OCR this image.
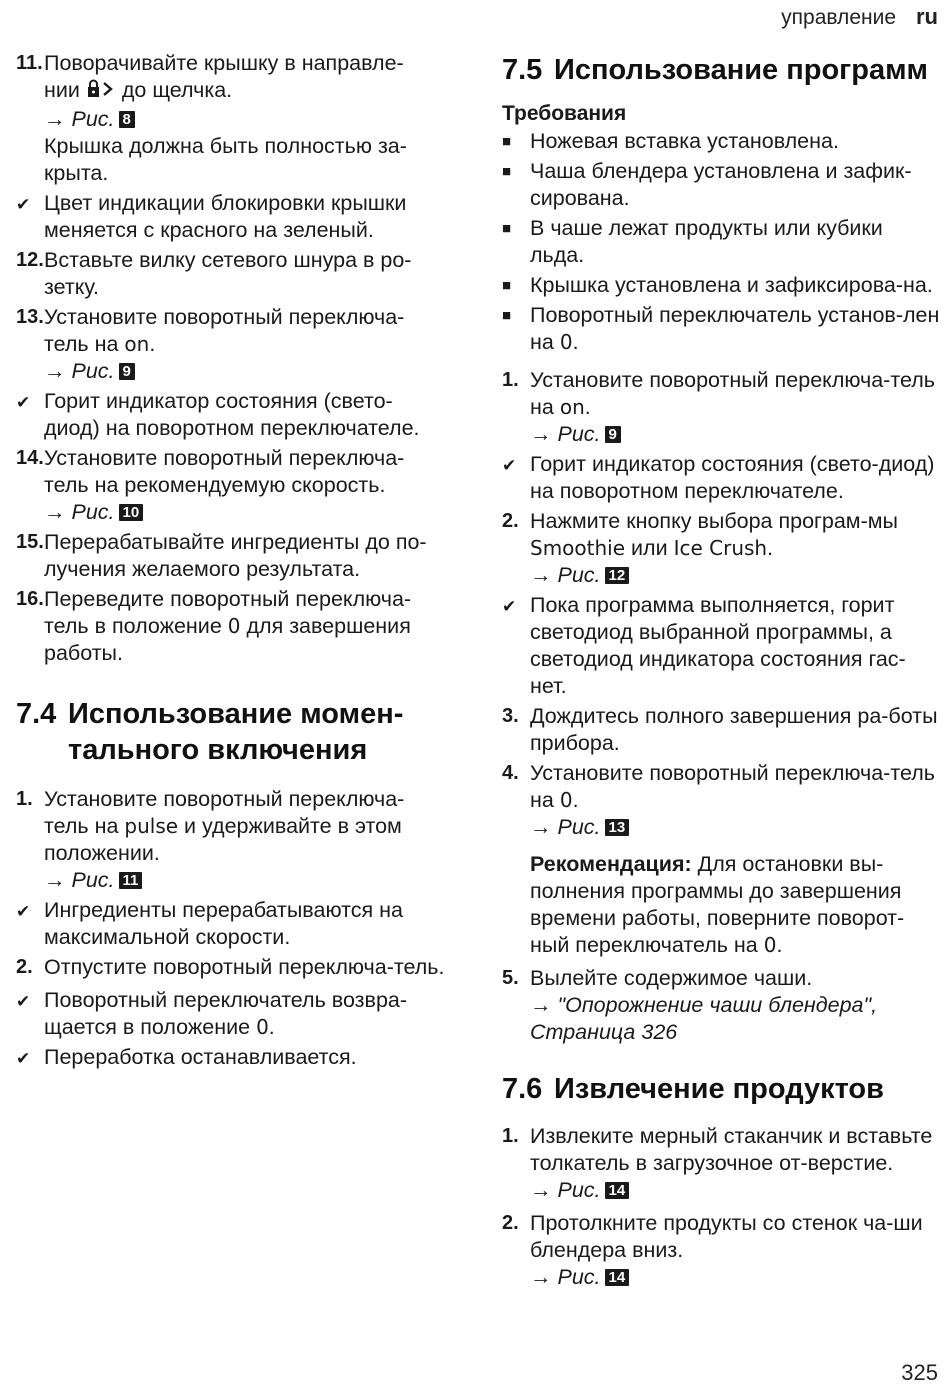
управление ru
11. Поворачивайте крышку в направле-
нии до щелчка.
→ Рис. 8
Крышка должна быть полностью за-крыта.
✔ Цвет индикации блокировки крышки меняется с красного на зеленый.
12. Вставьте вилку сетевого шнура в ро-зетку.
13. Установите поворотный переключа-тель на on.
→ Рис. 9
✔ Горит индикатор состояния (свето-диод) на поворотном переключателе.
14. Установите поворотный переключа-тель на рекомендуемую скорость.
→ Рис. 10
15. Перерабатывайте ингредиенты до по-лучения желаемого результата.
16. Переведите поворотный переключа-тель в положение 0 для завершения работы.
7.4 Использование момен-тального включения
1. Установите поворотный переключа-тель на pulse и удерживайте в этом положении.
→ Рис. 11
✔ Ингредиенты перерабатываются на максимальной скорости.
2. Отпустите поворотный переключа-тель.
✔ Поворотный переключатель возвра-щается в положение 0.
✔ Переработка останавливается.
7.5 Использование программ
Требования
■ Ножевая вставка установлена.
■ Чаша блендера установлена и зафик-сирована.
■ В чаше лежат продукты или кубики льда.
■ Крышка установлена и зафиксирова-на.
■ Поворотный переключатель установ-лен на 0.
1. Установите поворотный переключа-тель на on.
→ Рис. 9
✔ Горит индикатор состояния (свето-диод) на поворотном переключателе.
2. Нажмите кнопку выбора програм-мы Smoothie или Ice Crush.
→ Рис. 12
✔ Пока программа выполняется, горит светодиод выбранной программы, а светодиод индикатора состояния гас-нет.
3. Дождитесь полного завершения ра-боты прибора.
4. Установите поворотный переключа-тель на 0.
→ Рис. 13
Рекомендация: Для остановки вы-полнения программы до завершения времени работы, поверните поворот-ный переключатель на 0.
5. Вылейте содержимое чаши.
→ "Опорожнение чаши блендера", Страница 326
7.6 Извлечение продуктов
1. Извлеките мерный стаканчик и вставьте толкатель в загрузочное от-верстие.
→ Рис. 14
2. Протолкните продукты со стенок ча-ши блендера вниз.
→ Рис. 14
325
